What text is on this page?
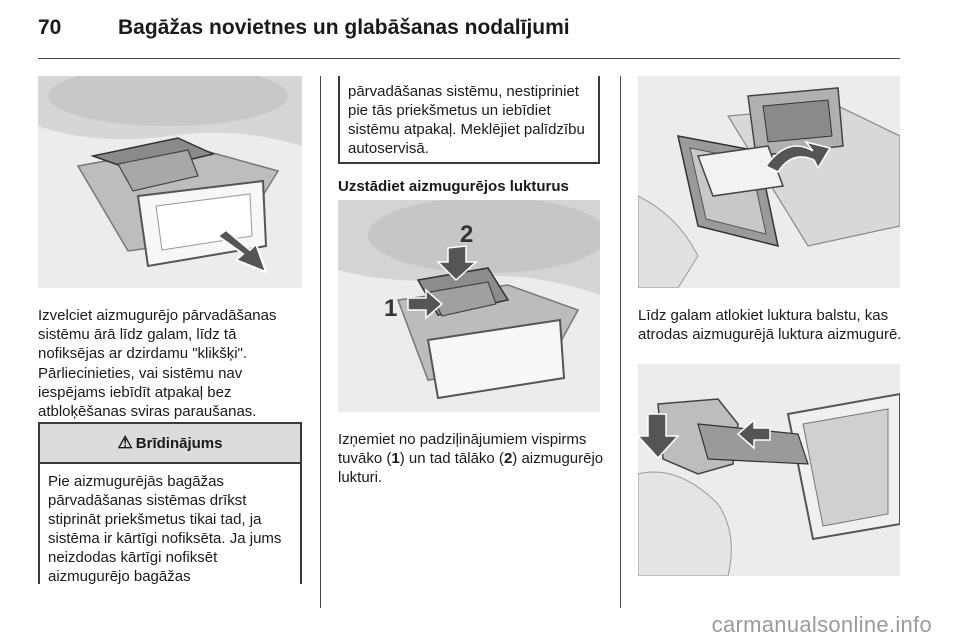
70	Bagāžas novietnes un glabāšanas nodalījumi

Izvelciet aizmugurējo pārvadāšanas sistēmu ārā līdz galam, līdz tā nofiksējas ar dzirdamu "klikšķi".

Pārliecinieties, vai sistēmu nav iespējams iebīdīt atpakaļ bez atbloķēšanas sviras paraušanas.

⚠ Brīdinājums
Pie aizmugurējās bagāžas pārvadāšanas sistēmas drīkst stiprināt priekšmetus tikai tad, ja sistēma ir kārtīgi nofiksēta. Ja jums neizdodas kārtīgi nofiksēt aizmugurējo bagāžas
pārvadāšanas sistēmu, nestipriniet pie tās priekšmetus un iebīdiet sistēmu atpakaļ. Meklējiet palīdzību autoservisā.
Uzstādiet aizmugurējos lukturus
2
1

Izņemiet no padziļinājumiem vispirms tuvāko (1) un tad tālāko (2) aizmugurējo lukturi.

Līdz galam atlokiet luktura balstu, kas atrodas aizmugurējā luktura aizmugurē.

carmanualsonline.info
